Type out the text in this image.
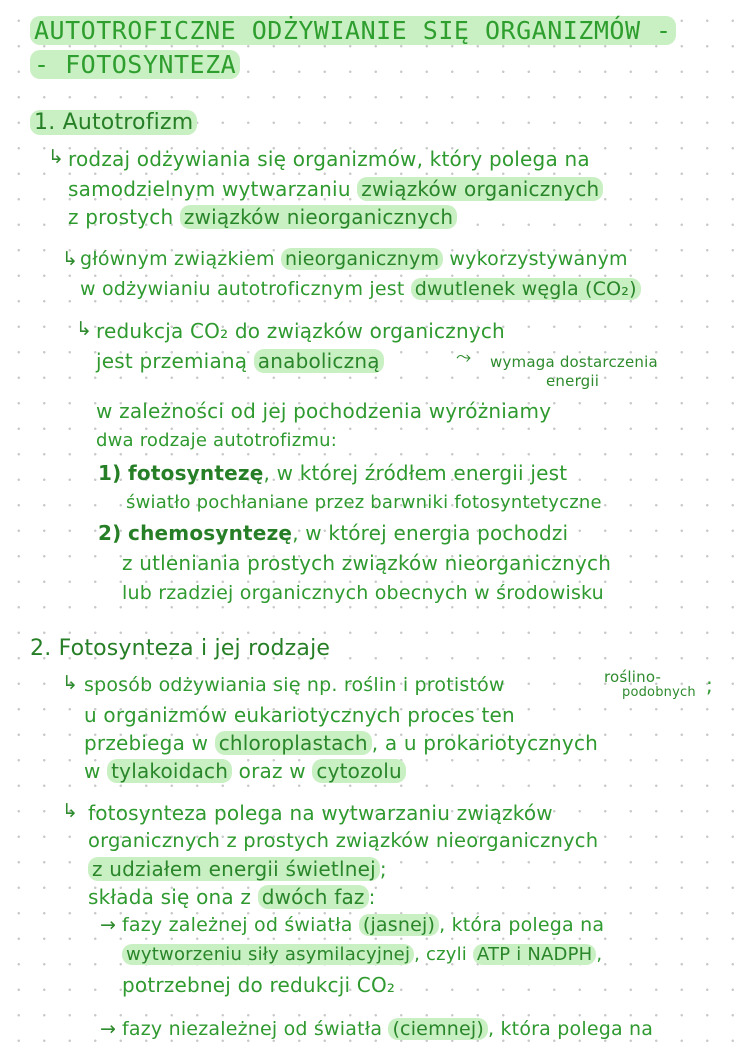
AUTOTROFICZNE ODŻYWIANIE SIĘ ORGANIZMÓW -
- FOTOSYNTEZA
1. Autotrofizm
↳ rodzaj odżywiania się organizmów, który polega na
samodzielnym wytwarzaniu związków organicznych
z prostych związków nieorganicznych
↳ głównym związkiem nieorganicznym wykorzystywanym
w odżywianiu autotroficznym jest dwutlenek węgla (CO₂)
↳ redukcja CO₂ do związków organicznych
jest przemianą anaboliczną	⤳ wymaga dostarczenia
energii
w zależności od jej pochodzenia wyróżniamy
dwa rodzaje autotrofizmu:
1) fotosyntezę, w której źródłem energii jest
światło pochłaniane przez barwniki fotosyntetyczne
2) chemosyntezę, w której energia pochodzi
z utleniania prostych związków nieorganicznych
lub rzadziej organicznych obecnych w środowisku
2. Fotosynteza i jej rodzaje
↳ sposób odżywiania się np. roślin i protistów	roślino-
podobnych ;
u organizmów eukariotycznych proces ten
przebiega w chloroplastach , a u prokariotycznych
w tylakoidach oraz w cytozolu
↳ fotosynteza polega na wytwarzaniu związków
organicznych z prostych związków nieorganicznych
z udziałem energii świetlnej ;
składa się ona z dwóch faz :
→ fazy zależnej od światła (jasnej) , która polega na
wytworzeniu siły asymilacyjnej , czyli ATP i NADPH ,
potrzebnej do redukcji CO₂
→ fazy niezależnej od światła (ciemnej) , która polega na
